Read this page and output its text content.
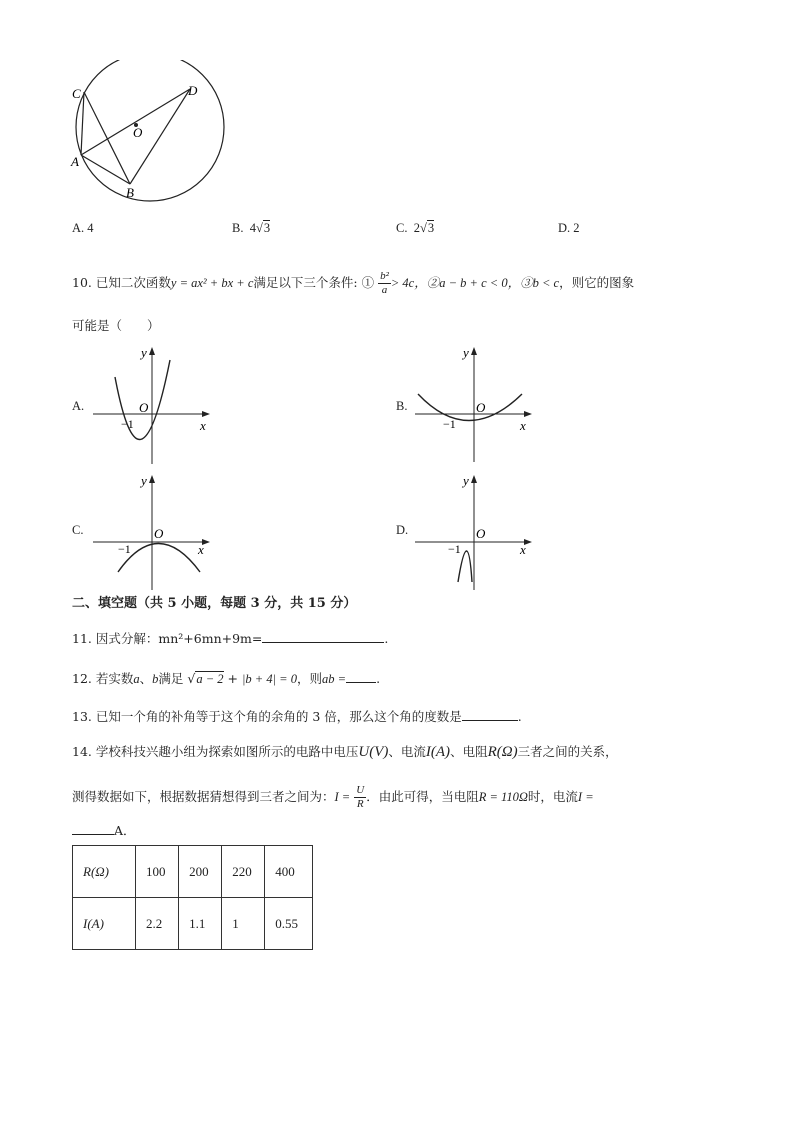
C	D
O
A
B
A. 4	B. 4√3	C. 2√3	D. 2
10. 已知二次函数y = ax² + bx + c满足以下三个条件: ① $\frac{\text{b²}}{a} > 4c$，②a − b + c < 0，③b < c，则它的图象
可能是（　　）
A.
y
x
O
−1
B.
y
x
O
−1
C.
y
x
O
−1
D.
y
x
O
−1
二、填空题（共 5 小题，每题 3 分，共 15 分）
11. 因式分解：mn²+6mn+9m=	.
12. 若实数a、b满足 √a − 2 + |b + 4| = 0，则ab = .
13. 已知一个角的补角等于这个角的余角的 3 倍，那么这个角的度数是	.
14. 学校科技兴趣小组为探索如图所示的电路中电压U(V)、电流I(A)、电阻R(Ω)三者之间的关系，
测得数据如下，根据数据猜想得到三者之间为：$I = \frac{U}{R}$ ．由此可得，当电阻R = 110Ω时，电流I =
A．
R(Ω)	100	200	220	400
I(A)	2.2	1.1	1	0.55
